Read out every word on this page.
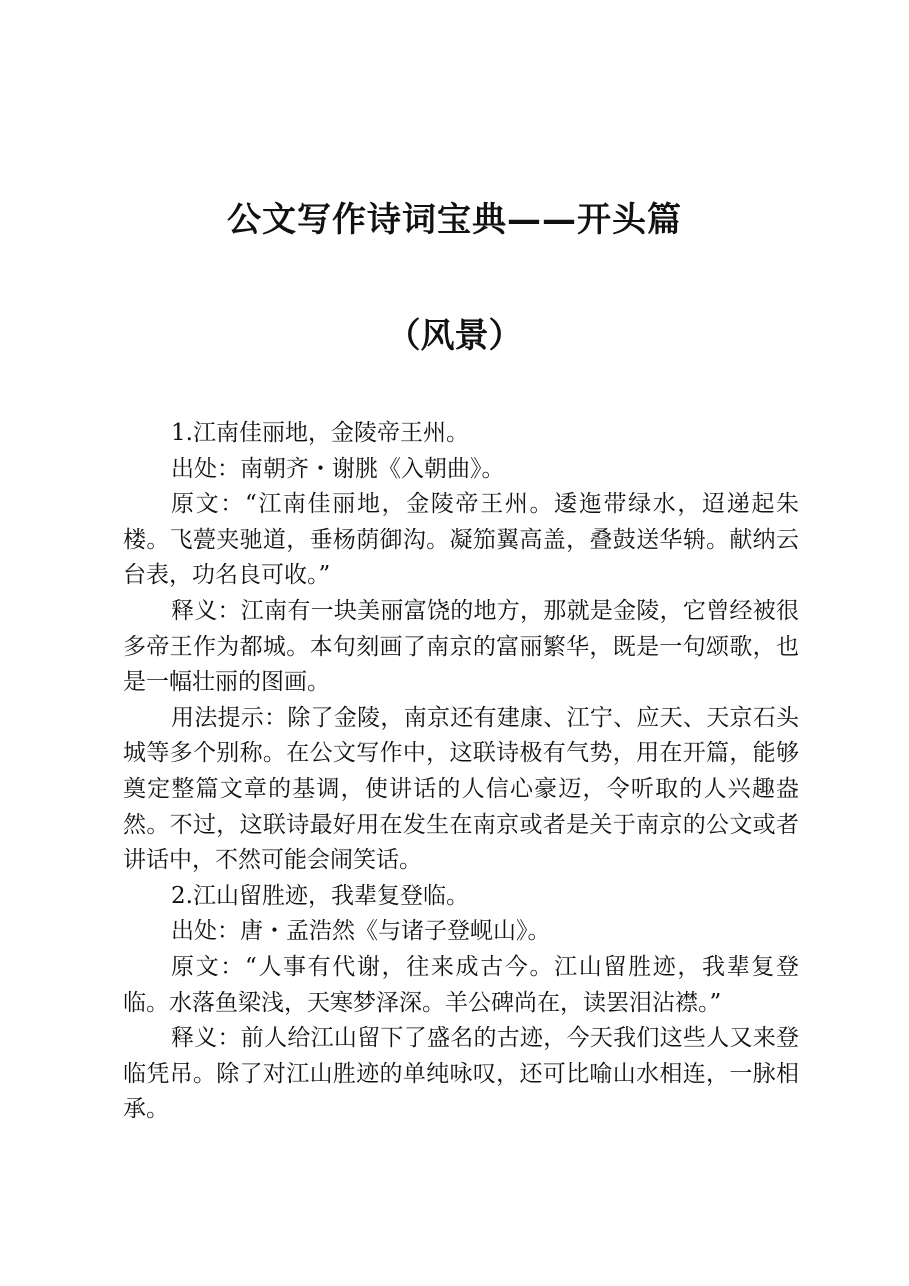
公文写作诗词宝典——开头篇
（风景）

1.江南佳丽地，金陵帝王州。

出处：南朝齐・谢朓《入朝曲》。

原文：“江南佳丽地，金陵帝王州。逶迤带绿水，迢递起朱楼。飞甍夹驰道，垂杨荫御沟。凝笳翼高盖，叠鼓送华辀。献纳云台表，功名良可收。”

释义：江南有一块美丽富饶的地方，那就是金陵，它曾经被很多帝王作为都城。本句刻画了南京的富丽繁华，既是一句颂歌，也是一幅壮丽的图画。

用法提示：除了金陵，南京还有建康、江宁、应天、天京石头城等多个别称。在公文写作中，这联诗极有气势，用在开篇，能够奠定整篇文章的基调，使讲话的人信心豪迈，令听取的人兴趣盎然。不过，这联诗最好用在发生在南京或者是关于南京的公文或者讲话中，不然可能会闹笑话。

2.江山留胜迹，我辈复登临。

出处：唐・孟浩然《与诸子登岘山》。

原文：“人事有代谢，往来成古今。江山留胜迹，我辈复登临。水落鱼梁浅，天寒梦泽深。羊公碑尚在，读罢泪沾襟。”

释义：前人给江山留下了盛名的古迹，今天我们这些人又来登临凭吊。除了对江山胜迹的单纯咏叹，还可比喻山水相连，一脉相承。
